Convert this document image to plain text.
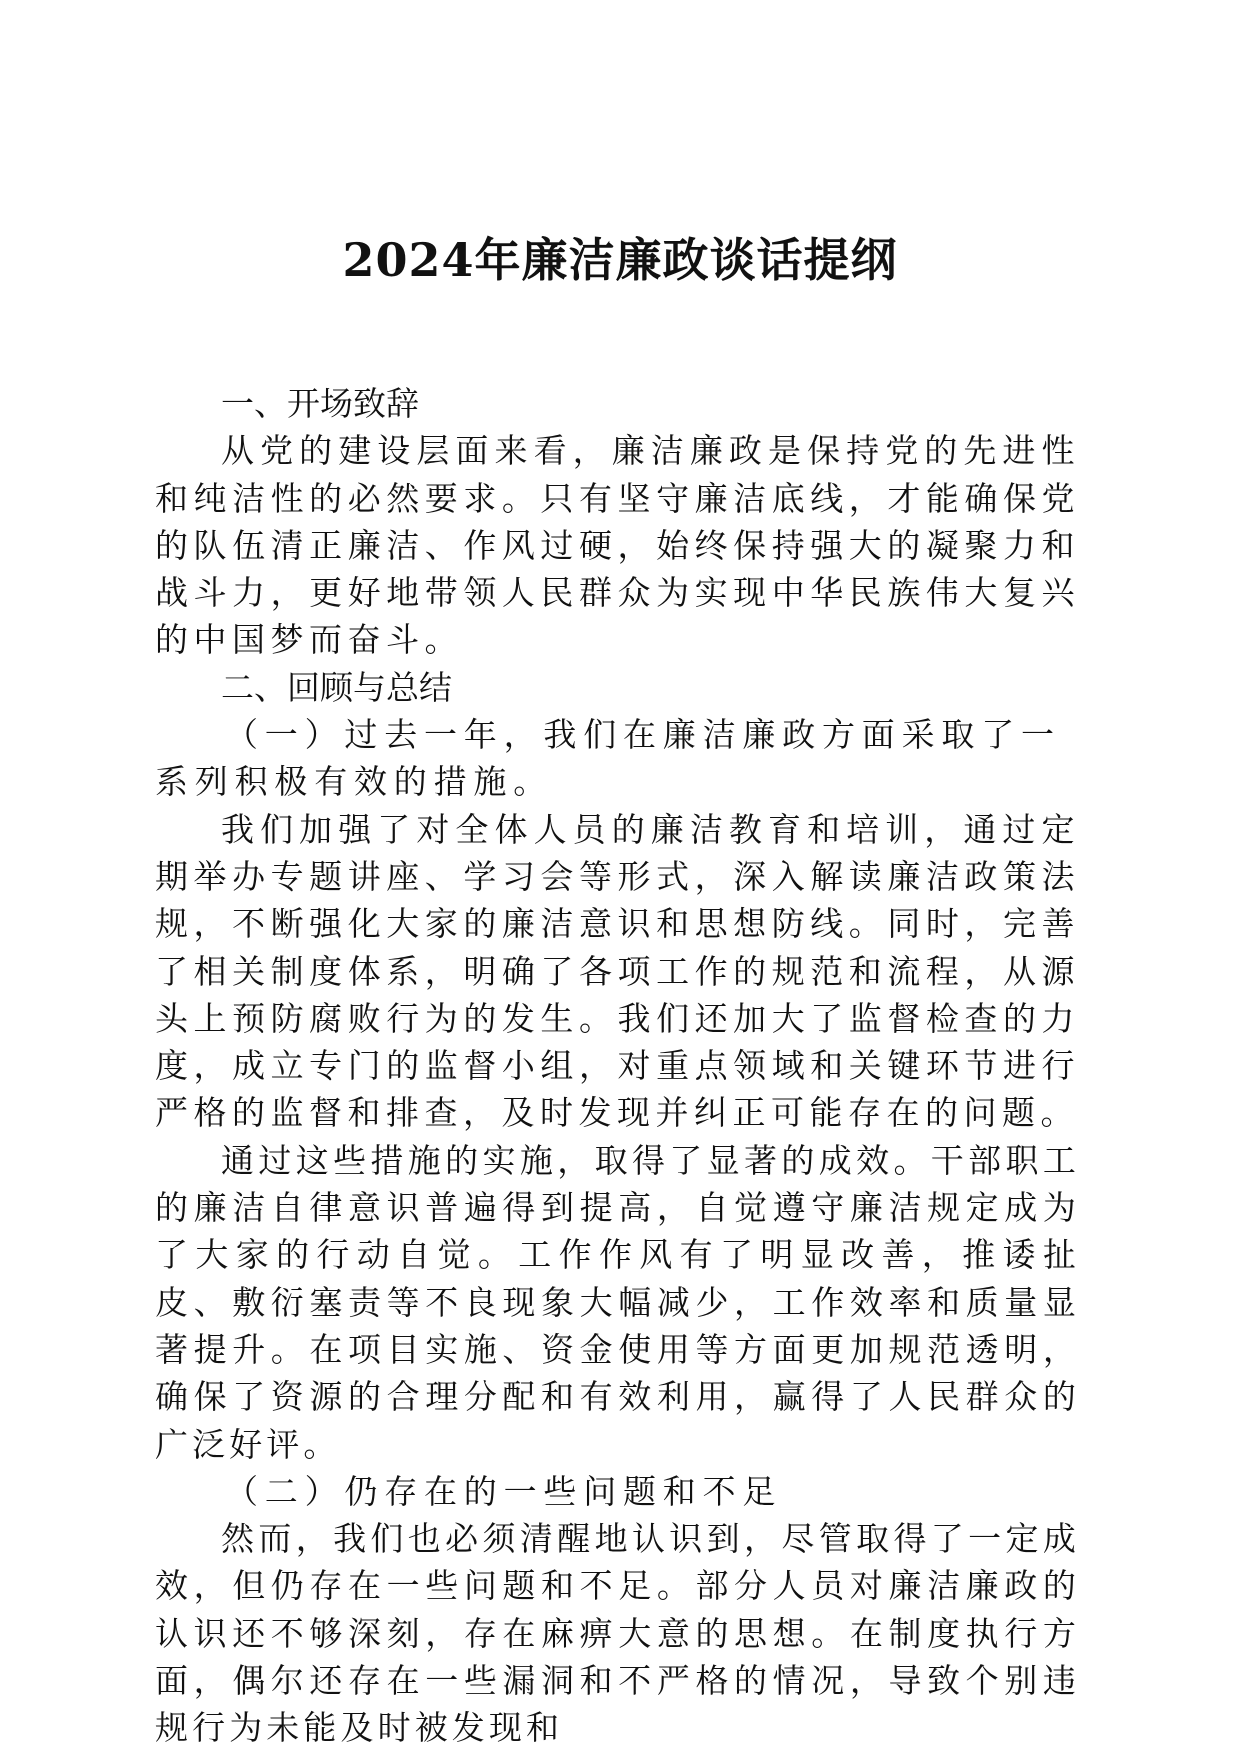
2024年廉洁廉政谈话提纲

一、开场致辞

从党的建设层面来看，廉洁廉政是保持党的先进性和纯洁性的必然要求。只有坚守廉洁底线，才能确保党的队伍清正廉洁、作风过硬，始终保持强大的凝聚力和战斗力，更好地带领人民群众为实现中华民族伟大复兴的中国梦而奋斗。

二、回顾与总结

（一）过去一年，我们在廉洁廉政方面采取了一系列积极有效的措施。

我们加强了对全体人员的廉洁教育和培训，通过定期举办专题讲座、学习会等形式，深入解读廉洁政策法规，不断强化大家的廉洁意识和思想防线。同时，完善了相关制度体系，明确了各项工作的规范和流程，从源头上预防腐败行为的发生。我们还加大了监督检查的力度，成立专门的监督小组，对重点领域和关键环节进行严格的监督和排查，及时发现并纠正可能存在的问题。

通过这些措施的实施，取得了显著的成效。干部职工的廉洁自律意识普遍得到提高，自觉遵守廉洁规定成为了大家的行动自觉。工作作风有了明显改善，推诿扯皮、敷衍塞责等不良现象大幅减少，工作效率和质量显著提升。在项目实施、资金使用等方面更加规范透明，确保了资源的合理分配和有效利用，赢得了人民群众的广泛好评。

（二）仍存在的一些问题和不足

然而，我们也必须清醒地认识到，尽管取得了一定成效，但仍存在一些问题和不足。部分人员对廉洁廉政的认识还不够深刻，存在麻痹大意的思想。在制度执行方面，偶尔还存在一些漏洞和不严格的情况，导致个别违规行为未能及时被发现和
